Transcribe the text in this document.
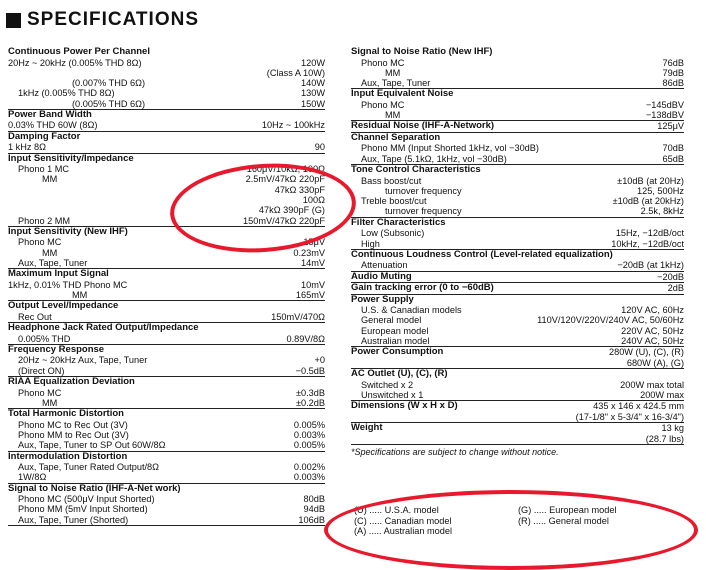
SPECIFICATIONS
Continuous Power Per Channel
20Hz ~ 20kHz (0.005% THD 8Ω)	120W
(Class A 10W)
(0.007% THD 6Ω)	140W
1kHz (0.005% THD 8Ω)	130W
(0.005% THD 6Ω)	150W
Power Band Width
0.03% THD 60W (8Ω)	10Hz ~ 100kHz
Damping Factor
1 kHz 8Ω	90
Input Sensitivity/Impedance
Phono 1 MC	160μV/10kΩ, 100Ω
MM	2.5mV/47kΩ 220pF
47kΩ 330pF
100Ω
47kΩ 390pF (G)
Phono 2 MM	150mV/47kΩ 220pF
Input Sensitivity (New IHF)
Phono MC	15μV
MM	0.23mV
Aux, Tape, Tuner	14mV
Maximum Input Signal
1kHz, 0.01% THD Phono MC	10mV
MM	165mV
Output Level/Impedance
Rec Out	150mV/470Ω
Headphone Jack Rated Output/Impedance
0.005% THD	0.89V/8Ω
Frequency Response
20Hz ~ 20kHz Aux, Tape, Tuner	+0
(Direct ON)	−0.5dB
RIAA Equalization Deviation
Phono MC	±0.3dB
MM	±0.2dB
Total Harmonic Distortion
Phono MC to Rec Out (3V)	0.005%
Phono MM to Rec Out (3V)	0.003%
Aux, Tape, Tuner to SP Out 60W/8Ω	0.005%
Intermodulation Distortion
Aux, Tape, Tuner Rated Output/8Ω	0.002%
1W/8Ω	0.003%
Signal to Noise Ratio (IHF-A-Net work)
Phono MC (500μV Input Shorted)	80dB
Phono MM (5mV Input Shorted)	94dB
Aux, Tape, Tuner (Shorted)	106dB
Signal to Noise Ratio (New IHF)
Phono MC	76dB
MM	79dB
Aux, Tape, Tuner	86dB
Input Equivalent Noise
Phono MC	−145dBV
MM	−138dBV
Residual Noise (IHF-A-Network)	125μV
Channel Separation
Phono MM (Input Shorted 1kHz, vol −30dB)	70dB
Aux, Tape (5.1kΩ, 1kHz, vol −30dB)	65dB
Tone Control Characteristics
Bass boost/cut	±10dB (at 20Hz)
turnover frequency	125, 500Hz
Treble boost/cut	±10dB (at 20kHz)
turnover frequency	2.5k, 8kHz
Filter Characteristics
Low (Subsonic)	15Hz, −12dB/oct
High	10kHz, −12dB/oct
Continuous Loudness Control (Level-related equalization)
Attenuation	−20dB (at 1kHz)
Audio Muting	−20dB
Gain tracking error (0 to −60dB)	2dB
Power Supply
U.S. & Canadian models	120V AC, 60Hz
General model	110V/120V/220V/240V AC, 50/60Hz
European model	220V AC, 50Hz
Australian model	240V AC, 50Hz
Power Consumption	280W (U), (C), (R)
680W (A), (G)
AC Outlet (U), (C), (R)
Switched x 2	200W max total
Unswitched x 1	200W max
Dimensions (W x H x D)	435 x 146 x 424.5 mm
(17-1/8" x 5-3/4" x 16-3/4")
Weight	13 kg
(28.7 lbs)
*Specifications are subject to change without notice.
(U) ..... U.S.A. model	(G) ..... European model
(C) ..... Canadian model	(R) ..... General model
(A) ..... Australian model
